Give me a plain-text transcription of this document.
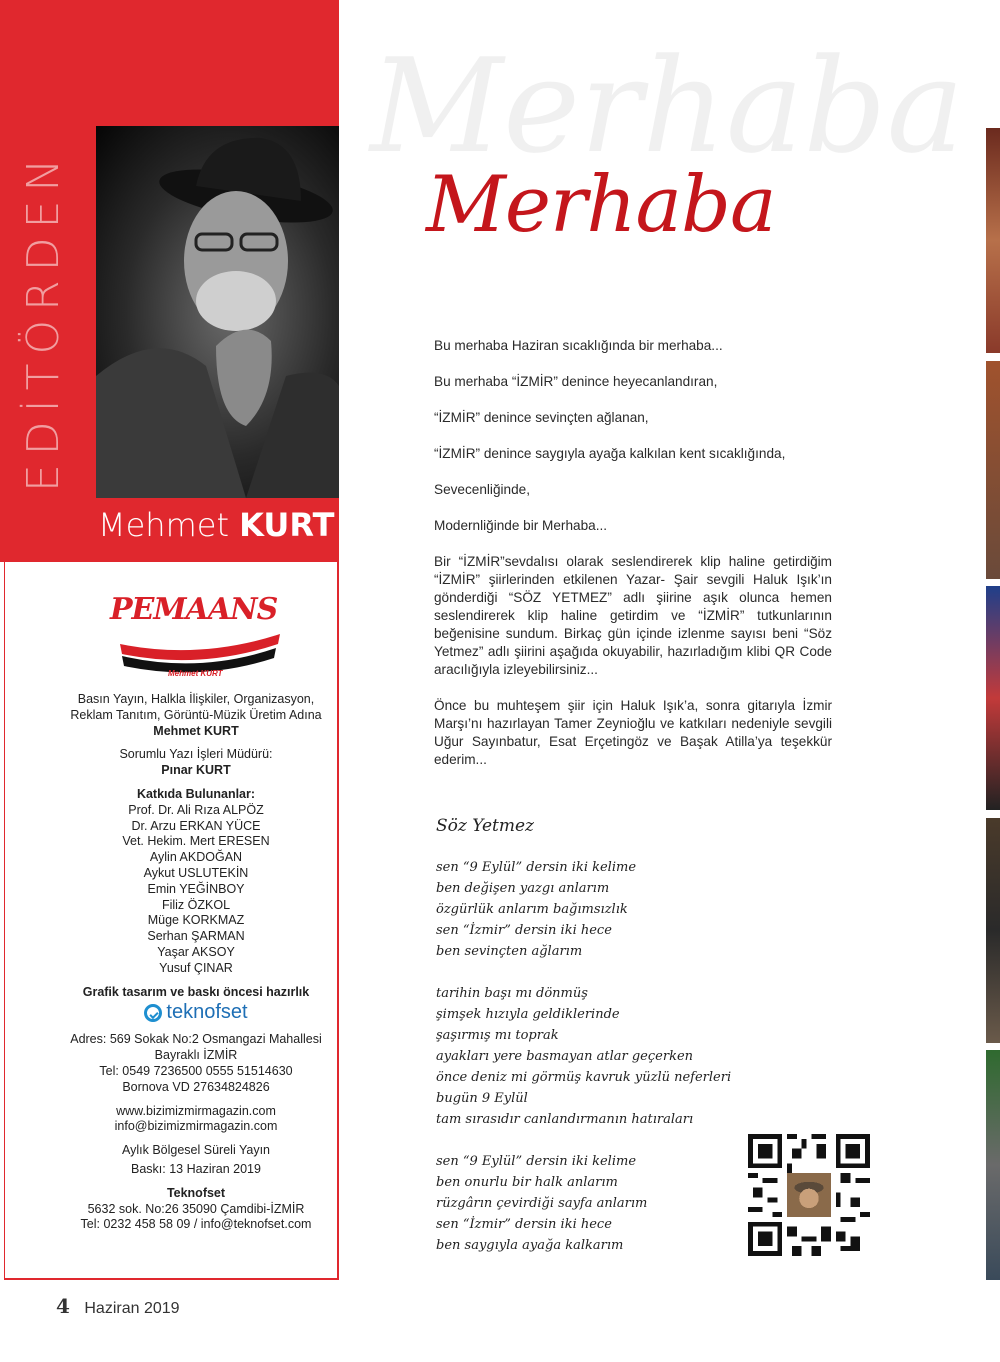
EDİTÖRDEN
Mehmet KURT
PEMAANS
Mehmet KURT
Basın Yayın, Halkla İlişkiler, Organizasyon,
Reklam Tanıtım, Görüntü-Müzik Üretim Adına
Mehmet KURT
Sorumlu Yazı İşleri Müdürü:
Pınar KURT
Katkıda Bulunanlar:
Prof. Dr. Ali Rıza ALPÖZ
Dr. Arzu ERKAN YÜCE
Vet. Hekim. Mert ERESEN
Aylin AKDOĞAN
Aykut USLUTEKİN
Emin YEĞİNBOY
Filiz ÖZKOL
Müge KORKMAZ
Serhan ŞARMAN
Yaşar AKSOY
Yusuf ÇINAR
Grafik tasarım ve baskı öncesi hazırlık
teknofset
Adres: 569 Sokak No:2 Osmangazi Mahallesi
Bayraklı İZMİR
Tel: 0549 7236500 0555 51514630
Bornova VD 27634824826
www.bizimizmirmagazin.com
info@bizimizmirmagazin.com
Aylık Bölgesel Süreli Yayın
Baskı: 13 Haziran 2019
Teknofset
5632 sok. No:26 35090 Çamdibi-İZMİR
Tel: 0232 458 58 09 / info@teknofset.com
4 Haziran 2019
Merhaba
Merhaba

Bu merhaba Haziran sıcaklığında bir merhaba...

Bu merhaba “İZMİR” denince heyecanlandıran,

“İZMİR” denince sevinçten ağlanan,

“İZMİR” denince saygıyla ayağa kalkılan kent sıcaklığında,

Sevecenliğinde,

Modernliğinde bir Merhaba...

Bir “İZMİR”sevdalısı olarak seslendirerek klip haline getirdiğim “İZMİR” şiirlerinden etkilenen Yazar- Şair sevgili Haluk Işık’ın gönderdiği “SÖZ YETMEZ” adlı şiirine aşık olunca hemen seslendirerek klip haline getirdim ve “İZMİR” tutkunlarının beğenisine sundum. Birkaç gün içinde izlenme sayısı beni “Söz Yetmez” adlı şiirini aşağıda okuyabilir, hazırladığım klibi QR Code aracılığıyla izleyebilirsiniz...

Önce bu muhteşem şiir için Haluk Işık’a, sonra gitarıyla İzmir Marşı’nı hazırlayan Tamer Zeynioğlu ve katkıları nedeniyle sevgili Uğur Sayınbatur, Esat Erçetingöz ve Başak Atilla’ya teşekkür ederim...

Söz Yetmez
sen “9 Eylül” dersin iki kelime
ben değişen yazgı anlarım
özgürlük anlarım bağımsızlık
sen “İzmir” dersin iki hece
ben sevinçten ağlarım
tarihin başı mı dönmüş
şimşek hızıyla geldiklerinde
şaşırmış mı toprak
ayakları yere basmayan atlar geçerken
önce deniz mi görmüş kavruk yüzlü neferleri
bugün 9 Eylül
tam sırasıdır canlandırmanın hatıraları
sen “9 Eylül” dersin iki kelime
ben onurlu bir halk anlarım
rüzgârın çevirdiği sayfa anlarım
sen “İzmir” dersin iki hece
ben saygıyla ayağa kalkarım
